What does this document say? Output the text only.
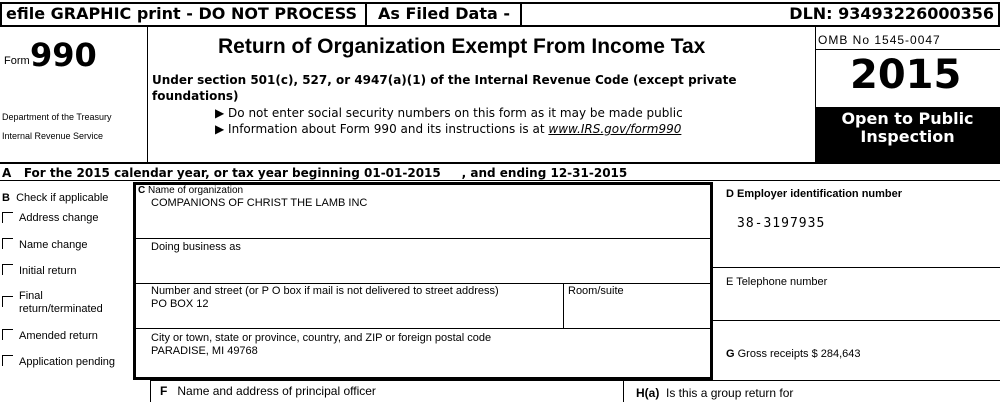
efile GRAPHIC print - DO NOT PROCESS As Filed Data -	DLN: 93493226000356
Form 990
Department of the Treasury
Internal Revenue Service
Return of Organization Exempt From Income Tax
Under section 501(c), 527, or 4947(a)(1) of the Internal Revenue Code (except private foundations)
▶ Do not enter social security numbers on this form as it may be made public
▶ Information about Form 990 and its instructions is at www.IRS.gov/form990
OMB No 1545-0047
2015
Open to Public
Inspection
A For the 2015 calendar year, or tax year beginning 01-01-2015 , and ending 12-31-2015
B Check if applicable
Address change
Name change
Initial return
Final return/terminated
Amended return
Application pending
C Name of organization
COMPANIONS OF CHRIST THE LAMB INC
Doing business as
Number and street (or P O box if mail is not delivered to street address)
PO BOX 12
Room/suite
City or town, state or province, country, and ZIP or foreign postal code
PARADISE, MI 49768
D Employer identification number
38-3197935
E Telephone number
G Gross receipts $ 284,643
F Name and address of principal officer	H(a) Is this a group return for
